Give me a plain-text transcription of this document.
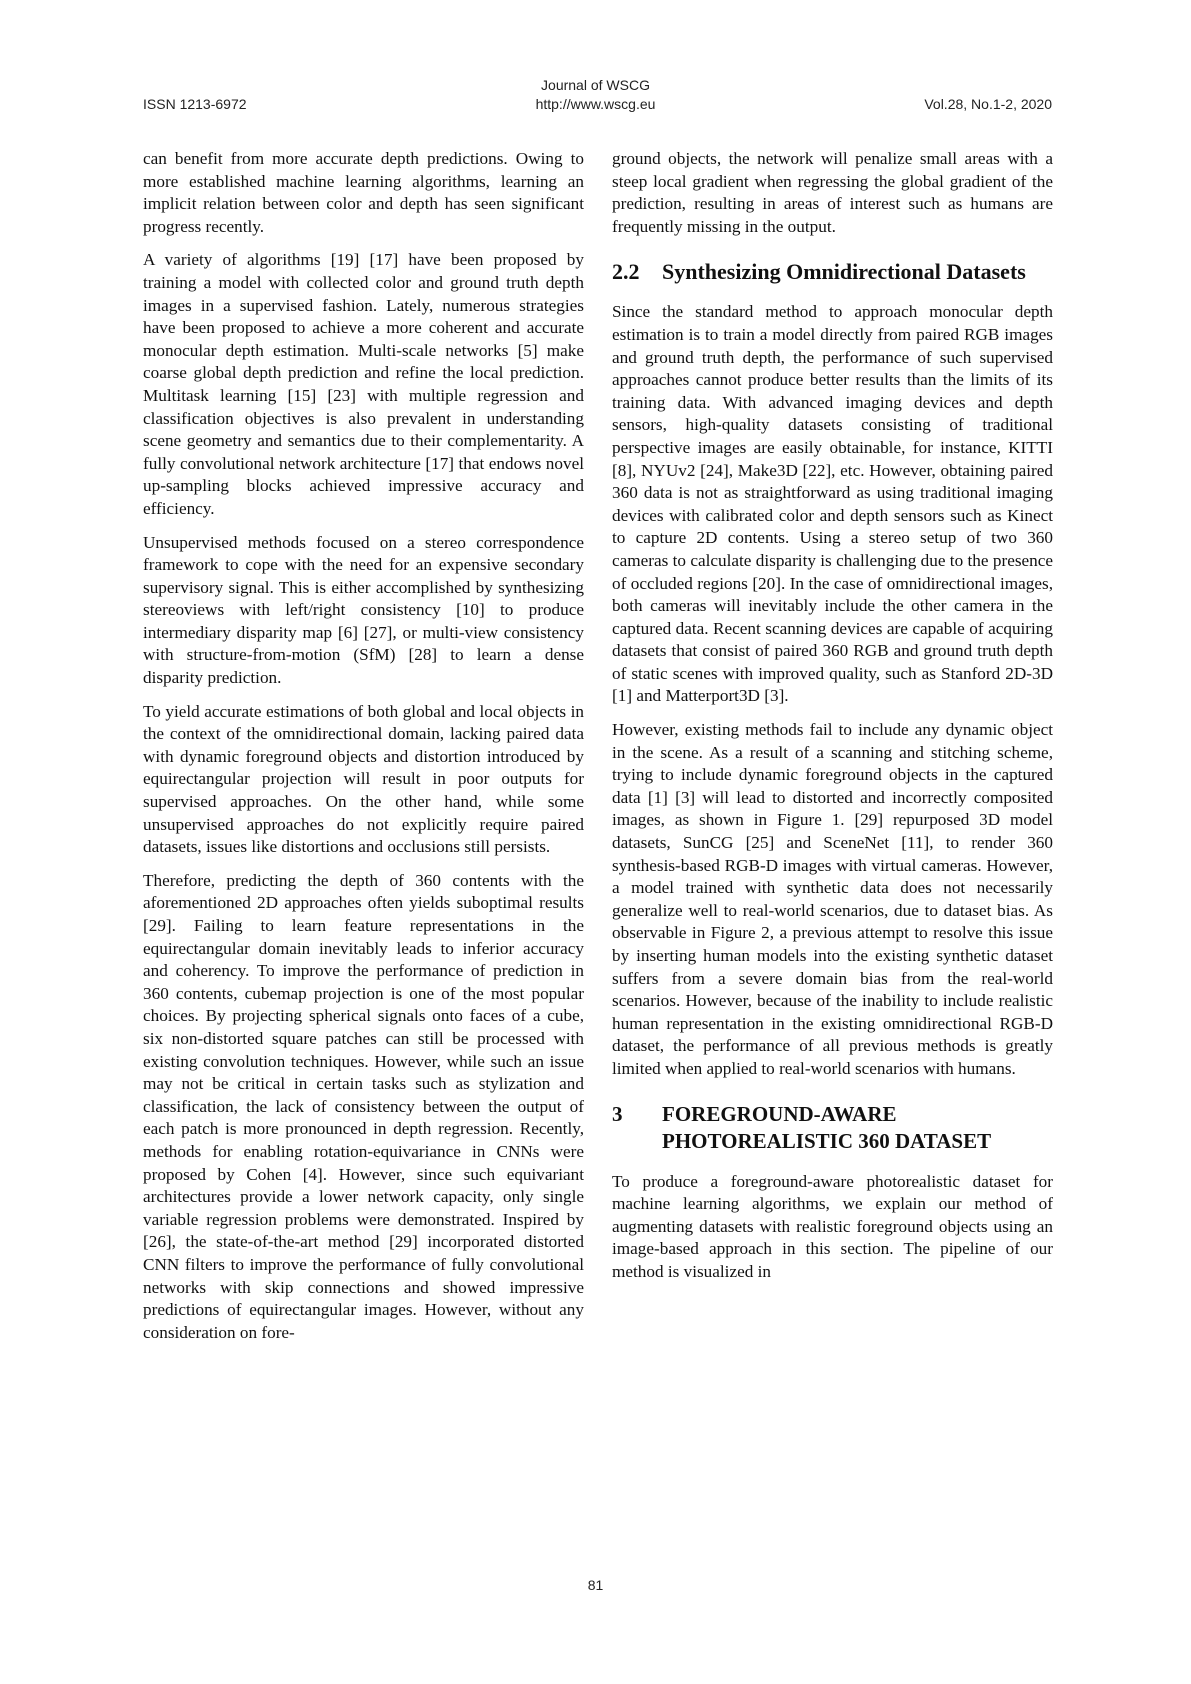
ISSN 1213-6972
Journal of WSCG
http://www.wscg.eu	Vol.28, No.1-2, 2020

can benefit from more accurate depth predictions. Owing to more established machine learning algorithms, learning an implicit relation between color and depth has seen significant progress recently.

A variety of algorithms [19] [17] have been proposed by training a model with collected color and ground truth depth images in a supervised fashion. Lately, numerous strategies have been proposed to achieve a more coherent and accurate monocular depth estimation. Multi-scale networks [5] make coarse global depth prediction and refine the local prediction. Multitask learning [15] [23] with multiple regression and classification objectives is also prevalent in understanding scene geometry and semantics due to their complementarity. A fully convolutional network architecture [17] that endows novel up-sampling blocks achieved impressive accuracy and efficiency.

Unsupervised methods focused on a stereo correspondence framework to cope with the need for an expensive secondary supervisory signal. This is either accomplished by synthesizing stereoviews with left/right consistency [10] to produce intermediary disparity map [6] [27], or multi-view consistency with structure-from-motion (SfM) [28] to learn a dense disparity prediction.

To yield accurate estimations of both global and local objects in the context of the omnidirectional domain, lacking paired data with dynamic foreground objects and distortion introduced by equirectangular projection will result in poor outputs for supervised approaches. On the other hand, while some unsupervised approaches do not explicitly require paired datasets, issues like distortions and occlusions still persists.

Therefore, predicting the depth of 360 contents with the aforementioned 2D approaches often yields suboptimal results [29]. Failing to learn feature representations in the equirectangular domain inevitably leads to inferior accuracy and coherency. To improve the performance of prediction in 360 contents, cubemap projection is one of the most popular choices. By projecting spherical signals onto faces of a cube, six non-distorted square patches can still be processed with existing convolution techniques. However, while such an issue may not be critical in certain tasks such as stylization and classification, the lack of consistency between the output of each patch is more pronounced in depth regression. Recently, methods for enabling rotation-equivariance in CNNs were proposed by Cohen [4]. However, since such equivariant architectures provide a lower network capacity, only single variable regression problems were demonstrated. Inspired by [26], the state-of-the-art method [29] incorporated distorted CNN filters to improve the performance of fully convolutional networks with skip connections and showed impressive predictions of equirectangular images. However, without any consideration on fore-

ground objects, the network will penalize small areas with a steep local gradient when regressing the global gradient of the prediction, resulting in areas of interest such as humans are frequently missing in the output.

2.2	Synthesizing Omnidirectional Datasets

Since the standard method to approach monocular depth estimation is to train a model directly from paired RGB images and ground truth depth, the performance of such supervised approaches cannot produce better results than the limits of its training data. With advanced imaging devices and depth sensors, high-quality datasets consisting of traditional perspective images are easily obtainable, for instance, KITTI [8], NYUv2 [24], Make3D [22], etc. However, obtaining paired 360 data is not as straightforward as using traditional imaging devices with calibrated color and depth sensors such as Kinect to capture 2D contents. Using a stereo setup of two 360 cameras to calculate disparity is challenging due to the presence of occluded regions [20]. In the case of omnidirectional images, both cameras will inevitably include the other camera in the captured data. Recent scanning devices are capable of acquiring datasets that consist of paired 360 RGB and ground truth depth of static scenes with improved quality, such as Stanford 2D-3D [1] and Matterport3D [3].

However, existing methods fail to include any dynamic object in the scene. As a result of a scanning and stitching scheme, trying to include dynamic foreground objects in the captured data [1] [3] will lead to distorted and incorrectly composited images, as shown in Figure 1. [29] repurposed 3D model datasets, SunCG [25] and SceneNet [11], to render 360 synthesis-based RGB-D images with virtual cameras. However, a model trained with synthetic data does not necessarily generalize well to real-world scenarios, due to dataset bias. As observable in Figure 2, a previous attempt to resolve this issue by inserting human models into the existing synthetic dataset suffers from a severe domain bias from the real-world scenarios. However, because of the inability to include realistic human representation in the existing omnidirectional RGB-D dataset, the performance of all previous methods is greatly limited when applied to real-world scenarios with humans.

3	FOREGROUND-AWARE PHOTOREALISTIC 360 DATASET

To produce a foreground-aware photorealistic dataset for machine learning algorithms, we explain our method of augmenting datasets with realistic foreground objects using an image-based approach in this section. The pipeline of our method is visualized in

81
